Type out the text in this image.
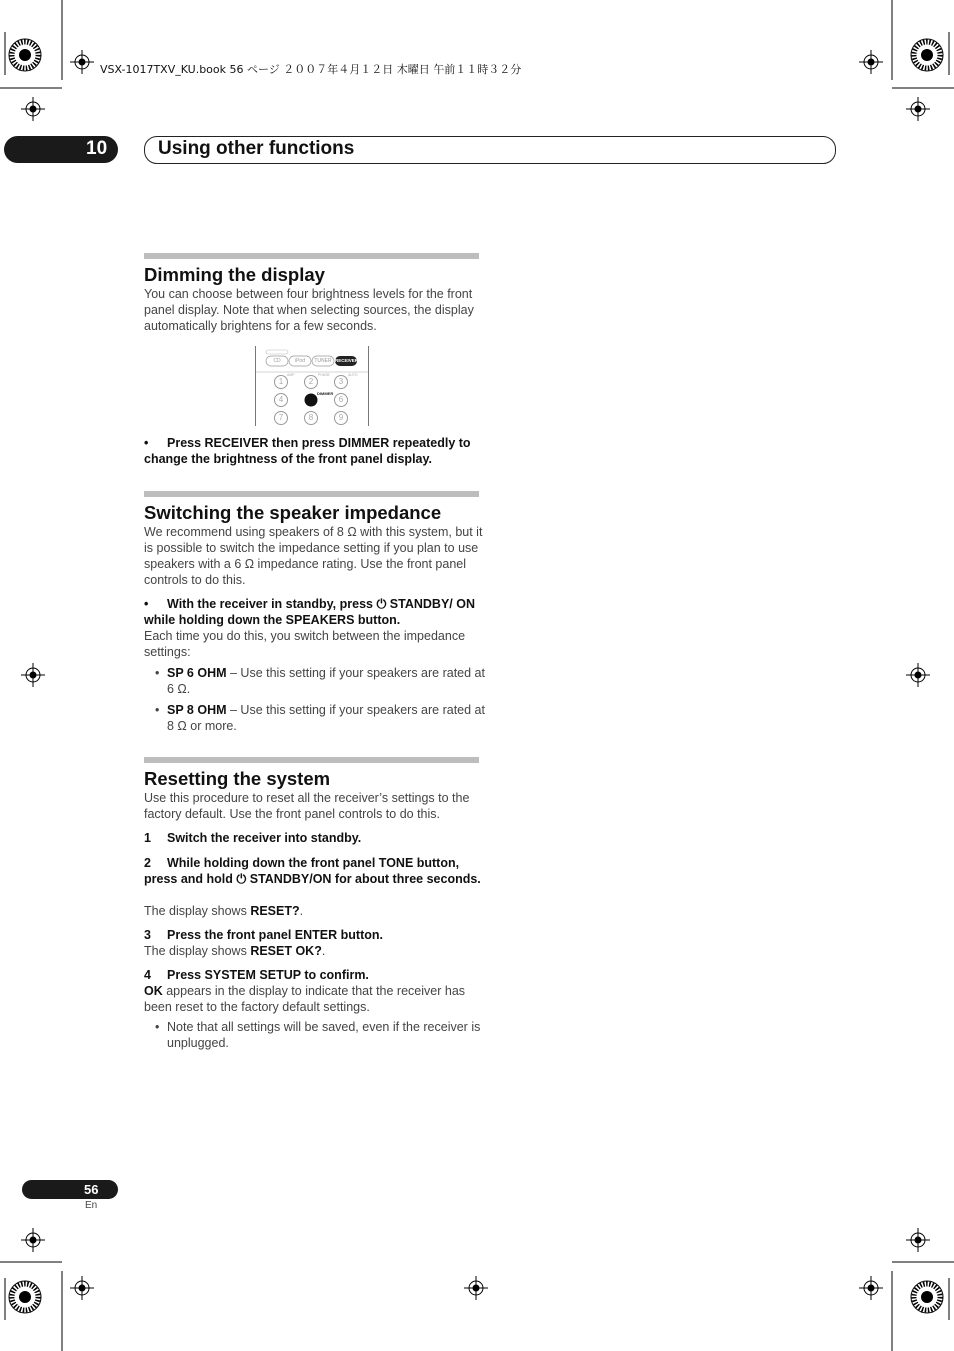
VSX-1017TXV_KU.book 56 ページ ２００７年４月１２日 木曜日 午前１１時３２分
10	Using other functions
Dimming the display
You can choose between four brightness levels for the front panel display. Note that when selecting sources, the display automatically brightens for a few seconds.
CD	iPod	TUNER RECEIVER
AMP	PHASE	AUTO
1	2	3
4
DIMMER
6
7	8	9
• Press RECEIVER then press DIMMER repeatedly to change the brightness of the front panel display.
Switching the speaker impedance
We recommend using speakers of 8 Ω with this system, but it is possible to switch the impedance setting if you plan to use speakers with a 6 Ω impedance rating. Use the front panel controls to do this.
• With the receiver in standby, press ⏻ STANDBY/ ON while holding down the SPEAKERS button.
Each time you do this, you switch between the impedance settings:
• SP 6 OHM – Use this setting if your speakers are rated at 6 Ω.
• SP 8 OHM – Use this setting if your speakers are rated at 8 Ω or more.
Resetting the system
Use this procedure to reset all the receiver’s settings to the factory default. Use the front panel controls to do this.
1 Switch the receiver into standby.
2 While holding down the front panel TONE button, press and hold ⏻ STANDBY/ON for about three seconds.
The display shows RESET?.
3 Press the front panel ENTER button.
The display shows RESET OK?.
4 Press SYSTEM SETUP to confirm.
OK appears in the display to indicate that the receiver has been reset to the factory default settings.
• Note that all settings will be saved, even if the receiver is unplugged.
56
En
